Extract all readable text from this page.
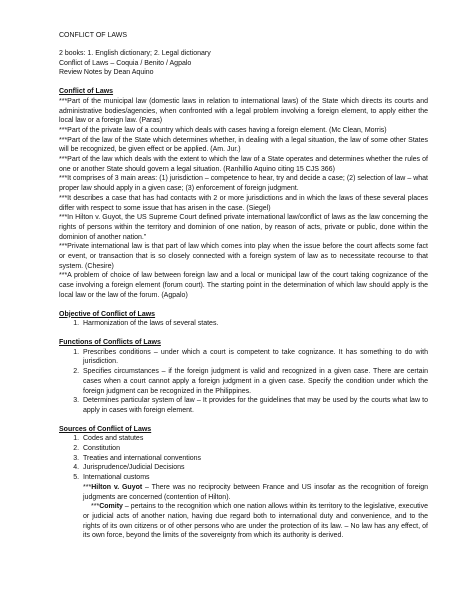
CONFLICT OF LAWS
2 books: 1. English dictionary; 2. Legal dictionary
Conflict of Laws – Coquia / Benito / Agpalo
Review Notes by Dean Aquino
Conflict of Laws
***Part of the municipal law (domestic laws in relation to international laws) of the State which directs its courts and administrative bodies/agencies, when confronted with a legal problem involving a foreign element, to apply either the local law or a foreign law. (Paras)
***Part of the private law of a country which deals with cases having a foreign element. (Mc Clean, Morris)
***Part of the law of the State which determines whether, in dealing with a legal situation, the law of some other States will be recognized, be given effect or be applied. (Am. Jur.)
***Part of the law which deals with the extent to which the law of a State operates and determines whether the rules of one or another State should govern a legal situation. (Ranhillio Aquino citing 15 CJS 366)
***It comprises of 3 main areas: (1) jurisdiction – competence to hear, try and decide a case; (2) selection of law – what proper law should apply in a given case; (3) enforcement of foreign judgment.
***It describes a case that has had contacts with 2 or more jurisdictions and in which the laws of these several places differ with respect to some issue that has arisen in the case. (Siegel)
***In Hilton v. Guyot, the US Supreme Court defined private international law/conflict of laws as the law concerning the rights of persons within the territory and dominion of one nation, by reason of acts, private or public, done within the dominion of another nation.”
***Private international law is that part of law which comes into play when the issue before the court affects some fact or event, or transaction that is so closely connected with a foreign system of law as to necessitate recourse to that system. (Chesire)
***A problem of choice of law between foreign law and a local or municipal law of the court taking cognizance of the case involving a foreign element (forum court). The starting point in the determination of which law should apply is the local law or the law of the forum. (Agpalo)
Objective of Conflict of Laws
1. Harmonization of the laws of several states.
Functions of Conflicts of Laws
1. Prescribes conditions – under which a court is competent to take cognizance. It has something to do with jurisdiction.
2. Specifies circumstances – if the foreign judgment is valid and recognized in a given case. There are certain cases when a court cannot apply a foreign judgment in a given case. Specify the condition under which the foreign judgment can be recognized in the Philippines.
3. Determines particular system of law – It provides for the guidelines that may be used by the courts what law to apply in cases with foreign element.
Sources of Conflict of Laws
1. Codes and statutes
2. Constitution
3. Treaties and international conventions
4. Jurisprudence/Judicial Decisions
5. International customs
***Hilton v. Guyot – There was no reciprocity between France and US insofar as the recognition of foreign judgments are concerned (contention of Hilton).
***Comity – pertains to the recognition which one nation allows within its territory to the legislative, executive or judicial acts of another nation, having due regard both to international duty and convenience, and to the rights of its own citizens or of other persons who are under the protection of its law. – No law has any effect, of its own force, beyond the limits of the sovereignty from which its authority is derived.
